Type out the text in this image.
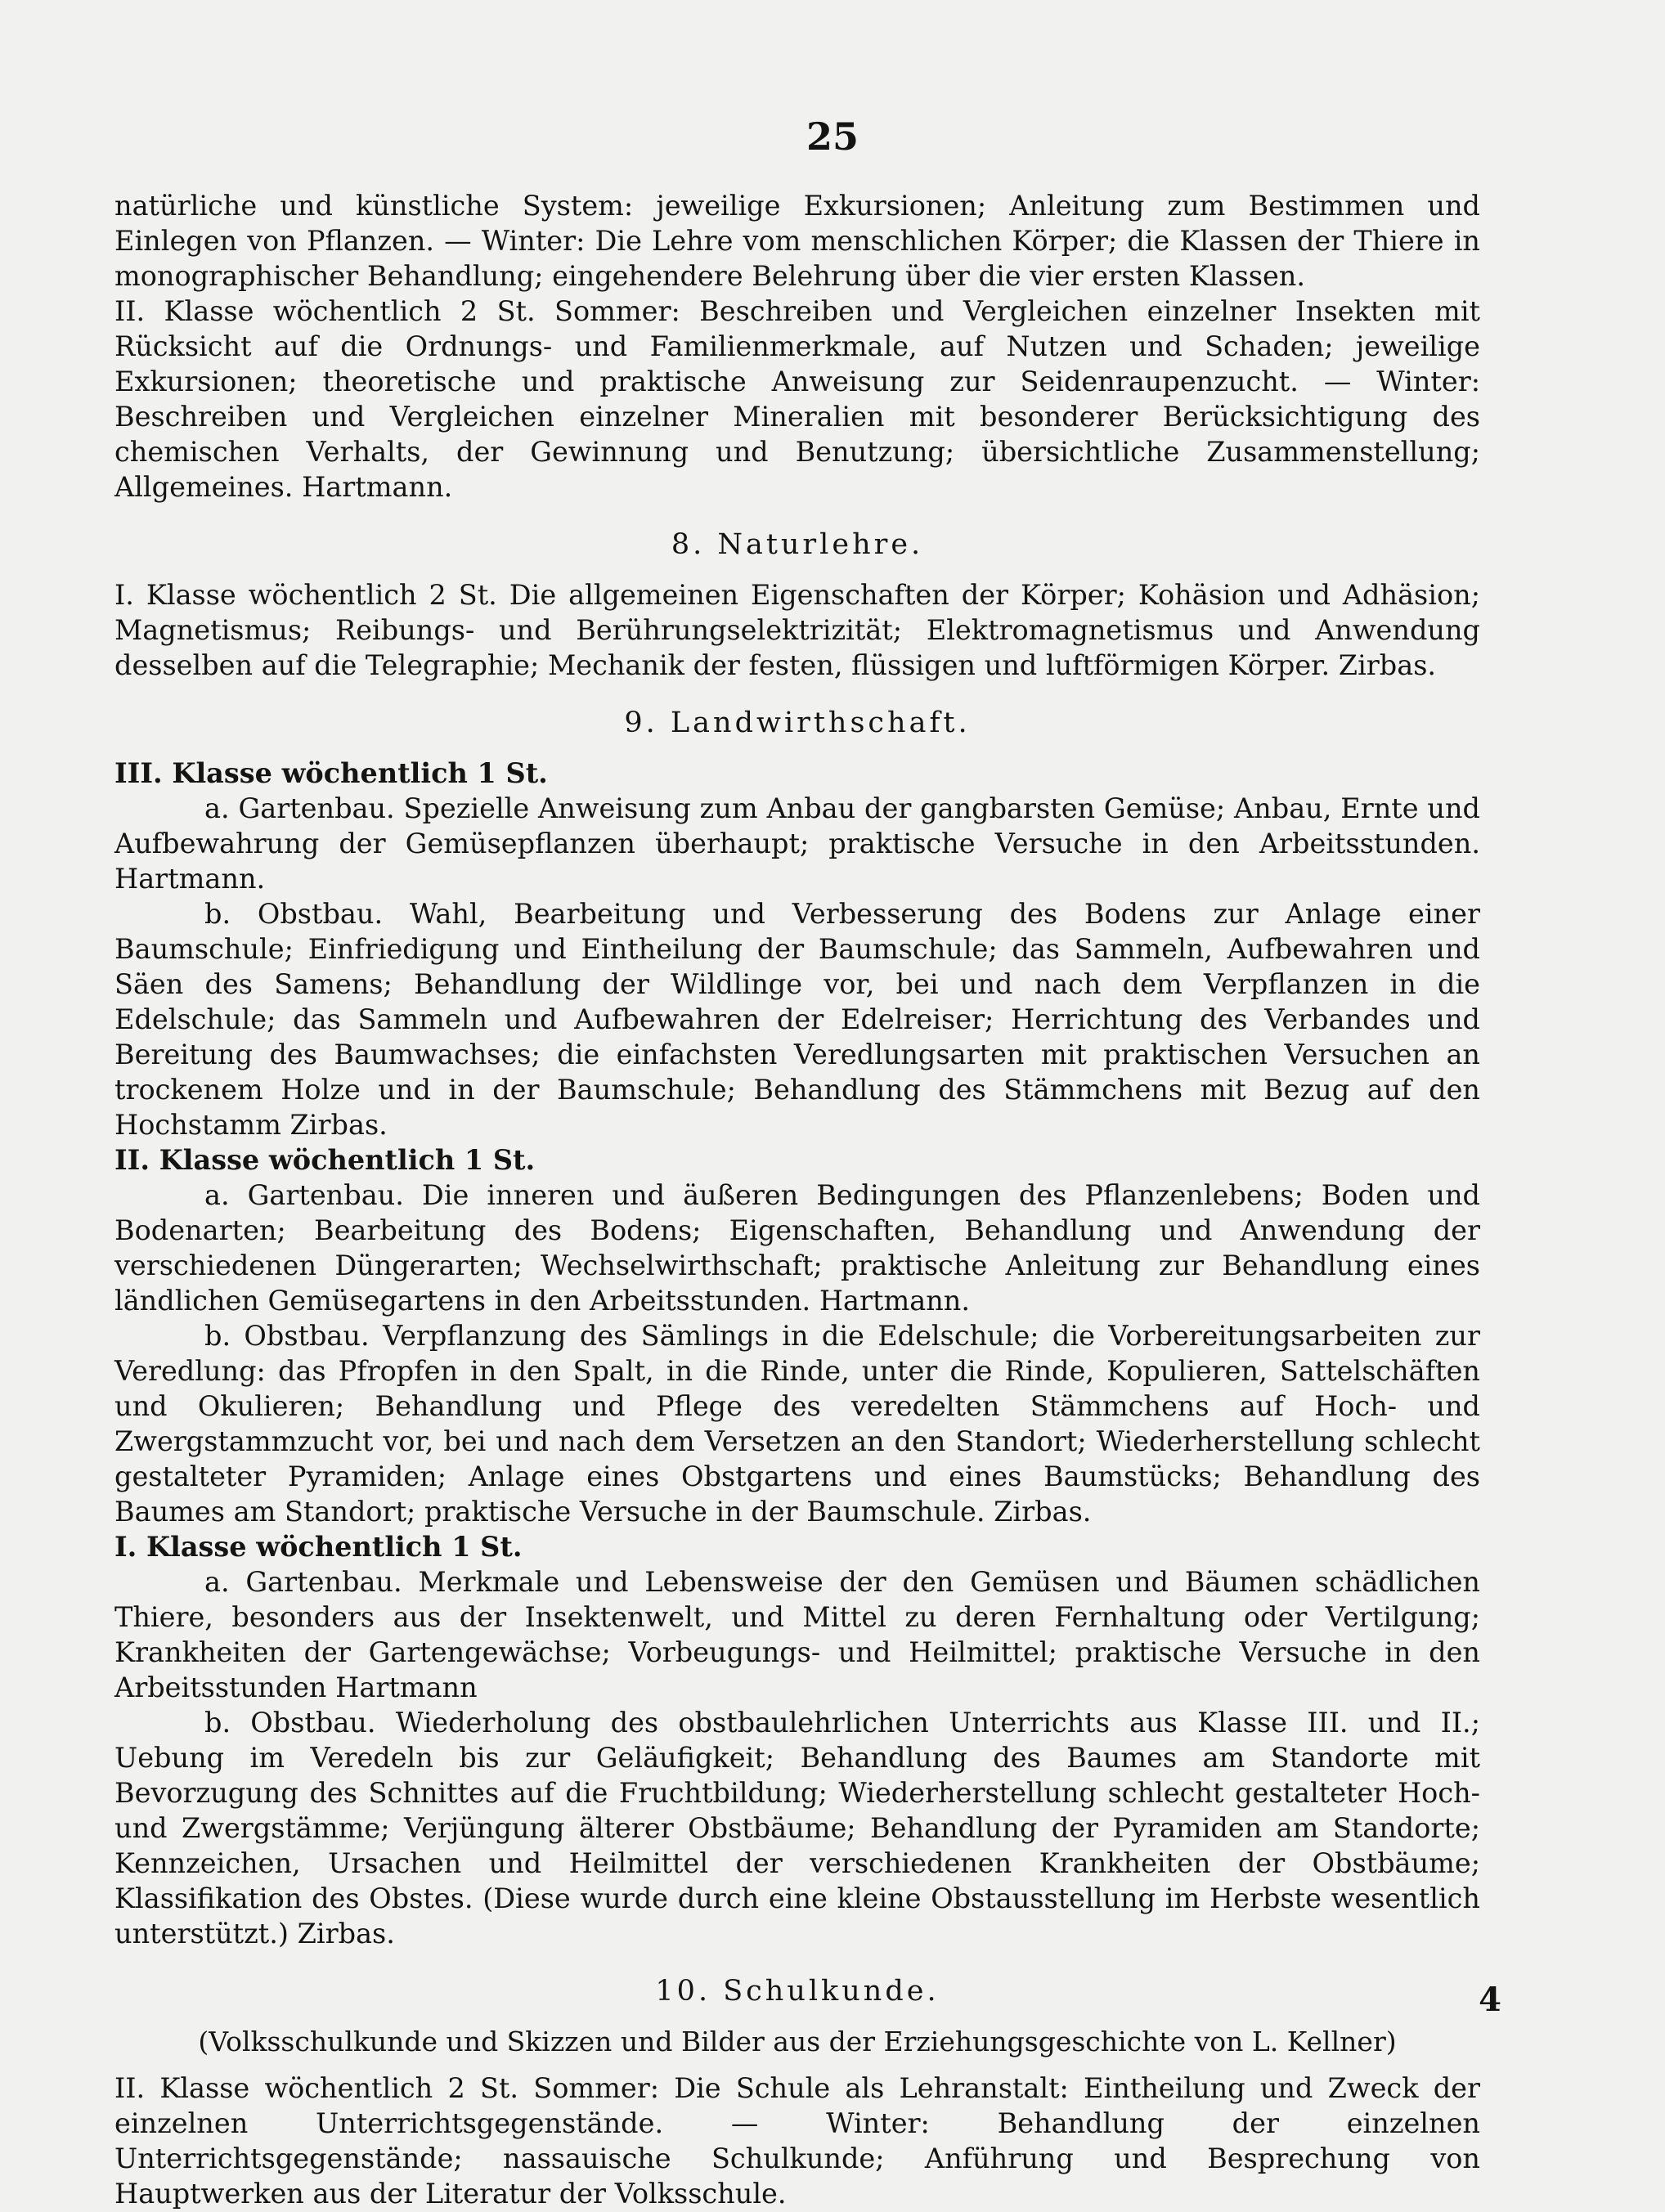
25

natürliche und künstliche System: jeweilige Exkursionen; Anleitung zum Bestimmen und Einlegen von Pflanzen. — Winter: Die Lehre vom menschlichen Körper; die Klassen der Thiere in monographischer Behandlung; eingehendere Belehrung über die vier ersten Klassen.

II. Klasse wöchentlich 2 St. Sommer: Beschreiben und Vergleichen einzelner Insekten mit Rücksicht auf die Ordnungs- und Familienmerkmale, auf Nutzen und Schaden; jeweilige Exkursionen; theoretische und praktische Anweisung zur Seidenraupenzucht. — Winter: Beschreiben und Vergleichen einzelner Mineralien mit besonderer Berücksichtigung des chemischen Verhalts, der Gewinnung und Benutzung; übersichtliche Zusammenstellung; Allgemeines. Hartmann.

8. Naturlehre.

I. Klasse wöchentlich 2 St. Die allgemeinen Eigenschaften der Körper; Kohäsion und Adhäsion; Magnetismus; Reibungs- und Berührungselektrizität; Elektromagnetismus und Anwendung desselben auf die Telegraphie; Mechanik der festen, flüssigen und luftförmigen Körper. Zirbas.

9. Landwirthschaft.

III. Klasse wöchentlich 1 St.

a. Gartenbau. Spezielle Anweisung zum Anbau der gangbarsten Gemüse; Anbau, Ernte und Aufbewahrung der Gemüsepflanzen überhaupt; praktische Versuche in den Arbeitsstunden. Hartmann.

b. Obstbau. Wahl, Bearbeitung und Verbesserung des Bodens zur Anlage einer Baumschule; Einfriedigung und Eintheilung der Baumschule; das Sammeln, Aufbewahren und Säen des Samens; Behandlung der Wildlinge vor, bei und nach dem Verpflanzen in die Edelschule; das Sammeln und Aufbewahren der Edelreiser; Herrichtung des Verbandes und Bereitung des Baumwachses; die einfachsten Veredlungsarten mit praktischen Versuchen an trockenem Holze und in der Baumschule; Behandlung des Stämmchens mit Bezug auf den Hochstamm Zirbas.

II. Klasse wöchentlich 1 St.

a. Gartenbau. Die inneren und äußeren Bedingungen des Pflanzenlebens; Boden und Bodenarten; Bearbeitung des Bodens; Eigenschaften, Behandlung und Anwendung der verschiedenen Düngerarten; Wechselwirthschaft; praktische Anleitung zur Behandlung eines ländlichen Gemüsegartens in den Arbeitsstunden. Hartmann.

b. Obstbau. Verpflanzung des Sämlings in die Edelschule; die Vorbereitungsarbeiten zur Veredlung: das Pfropfen in den Spalt, in die Rinde, unter die Rinde, Kopulieren, Sattelschäften und Okulieren; Behandlung und Pflege des veredelten Stämmchens auf Hoch- und Zwergstammzucht vor, bei und nach dem Versetzen an den Standort; Wiederherstellung schlecht gestalteter Pyramiden; Anlage eines Obstgartens und eines Baumstücks; Behandlung des Baumes am Standort; praktische Versuche in der Baumschule. Zirbas.

I. Klasse wöchentlich 1 St.

a. Gartenbau. Merkmale und Lebensweise der den Gemüsen und Bäumen schädlichen Thiere, besonders aus der Insektenwelt, und Mittel zu deren Fernhaltung oder Vertilgung; Krankheiten der Gartengewächse; Vorbeugungs- und Heilmittel; praktische Versuche in den Arbeitsstunden Hartmann

b. Obstbau. Wiederholung des obstbaulehrlichen Unterrichts aus Klasse III. und II.; Uebung im Veredeln bis zur Geläufigkeit; Behandlung des Baumes am Standorte mit Bevorzugung des Schnittes auf die Fruchtbildung; Wiederherstellung schlecht gestalteter Hoch- und Zwergstämme; Verjüngung älterer Obstbäume; Behandlung der Pyramiden am Standorte; Kennzeichen, Ursachen und Heilmittel der verschiedenen Krankheiten der Obstbäume; Klassifikation des Obstes. (Diese wurde durch eine kleine Obstausstellung im Herbste wesentlich unterstützt.) Zirbas.

10. Schulkunde.
(Volksschulkunde und Skizzen und Bilder aus der Erziehungsgeschichte von L. Kellner)

II. Klasse wöchentlich 2 St. Sommer: Die Schule als Lehranstalt: Eintheilung und Zweck der einzelnen Unterrichtsgegenstände. — Winter: Behandlung der einzelnen Unterrichtsgegenstände; nassauische Schulkunde; Anführung und Besprechung von Hauptwerken aus der Literatur der Volksschule.

4
